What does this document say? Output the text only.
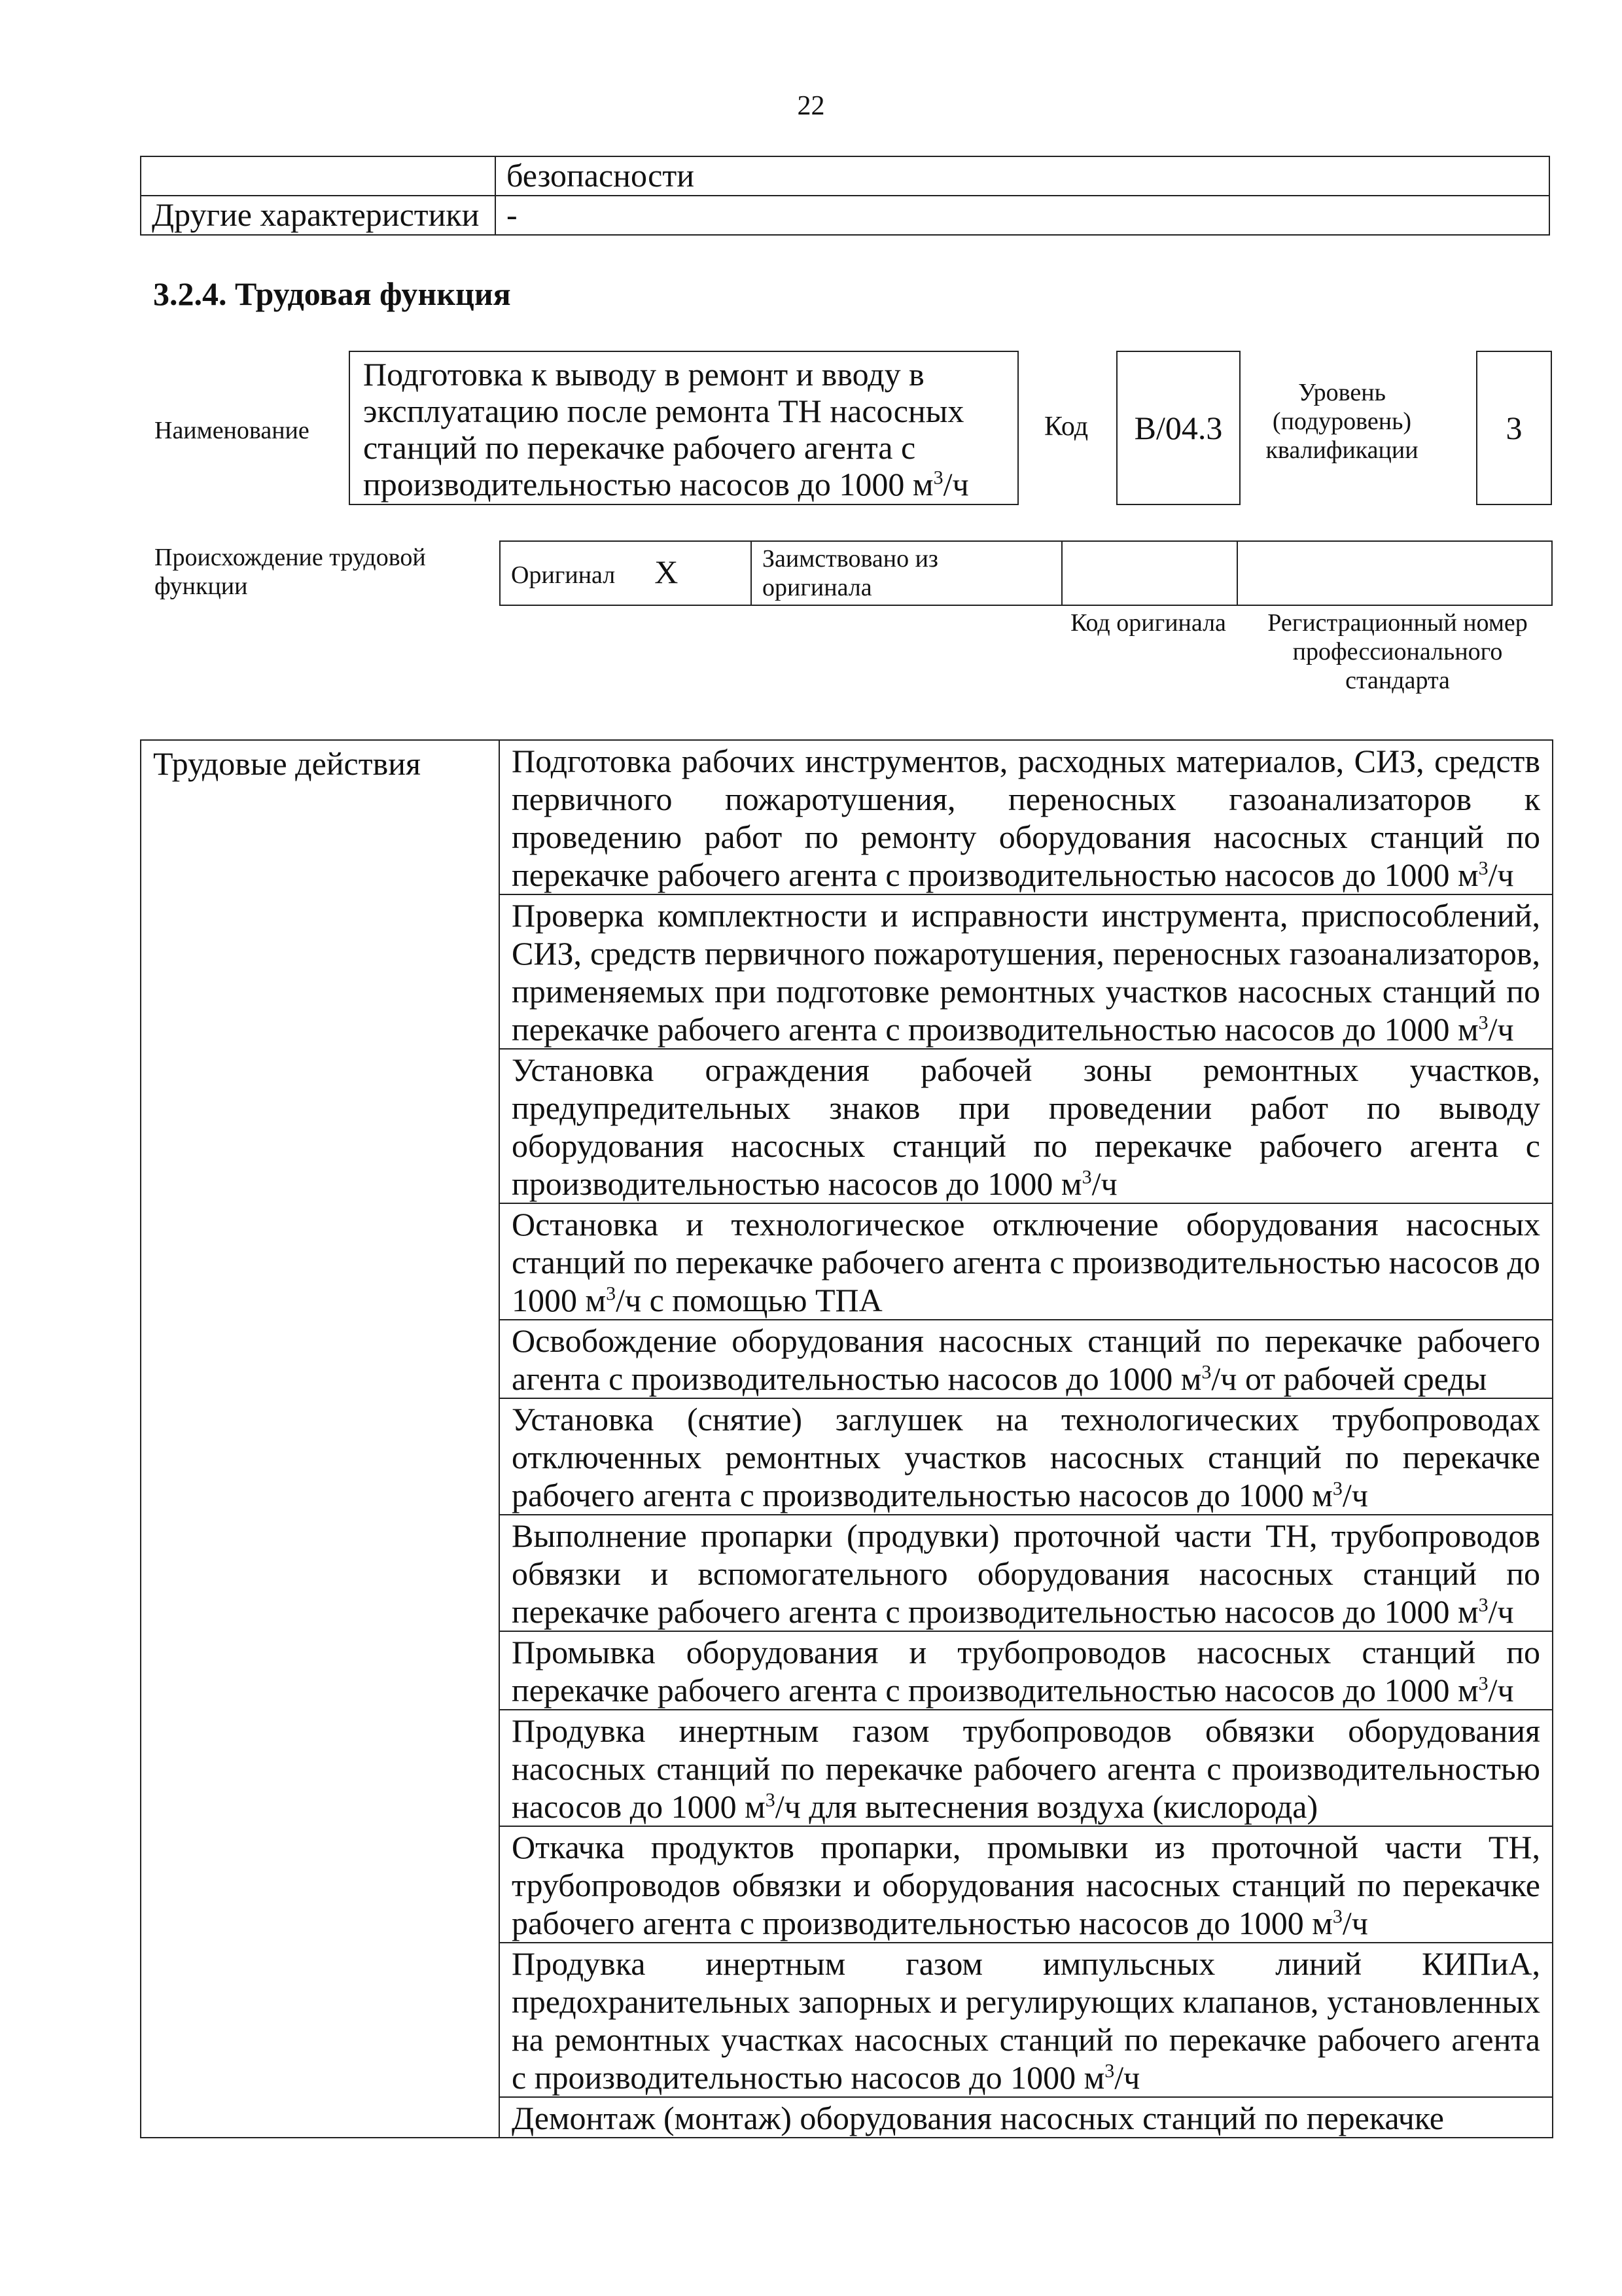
22
	безопасности
Другие характеристики	-
3.2.4. Трудовая функция
Наименование
Подготовка к выводу в ремонт и вводу в эксплуатацию после ремонта ТН насосных станций по перекачке рабочего агента с производительностью насосов до 1000 $м^3/ч$
Код B/04.3
Уровень
(подуровень)
квалификации
3
Происхождение трудовой функции	Оригинал X	Заимствовано из оригинала		
Код оригинала	Регистрационный номер профессионального стандарта
Трудовые действия	Подготовка рабочих инструментов, расходных материалов, СИЗ, средств первичного пожаротушения, переносных газоанализаторов к проведению работ по ремонту оборудования насосных станций по перекачке рабочего агента с производительностью насосов до 1000 $м^3/ч$
Проверка комплектности и исправности инструмента, приспособлений, СИЗ, средств первичного пожаротушения, переносных газоанализаторов, применяемых при подготовке ремонтных участков насосных станций по перекачке рабочего агента с производительностью насосов до 1000 $м^3/ч$
Установка ограждения рабочей зоны ремонтных участков, предупредительных знаков при проведении работ по выводу оборудования насосных станций по перекачке рабочего агента с производительностью насосов до 1000 $м^3/ч$
Остановка и технологическое отключение оборудования насосных станций по перекачке рабочего агента с производительностью насосов до 1000 $м^3/ч$ с помощью ТПА
Освобождение оборудования насосных станций по перекачке рабочего агента с производительностью насосов до 1000 $м^3/ч$ от рабочей среды
Установка (снятие) заглушек на технологических трубопроводах отключенных ремонтных участков насосных станций по перекачке рабочего агента с производительностью насосов до 1000 $м^3/ч$
Выполнение пропарки (продувки) проточной части ТН, трубопроводов обвязки и вспомогательного оборудования насосных станций по перекачке рабочего агента с производительностью насосов до 1000 $м^3/ч$
Промывка оборудования и трубопроводов насосных станций по перекачке рабочего агента с производительностью насосов до 1000 $м^3/ч$
Продувка инертным газом трубопроводов обвязки оборудования насосных станций по перекачке рабочего агента с производительностью насосов до 1000 $м^3/ч$ для вытеснения воздуха (кислорода)
Откачка продуктов пропарки, промывки из проточной части ТН, трубопроводов обвязки и оборудования насосных станций по перекачке рабочего агента с производительностью насосов до 1000 $м^3/ч$
Продувка инертным газом импульсных линий КИПиА, предохранительных запорных и регулирующих клапанов, установленных на ремонтных участках насосных станций по перекачке рабочего агента с производительностью насосов до 1000 $м^3/ч$
Демонтаж (монтаж) оборудования насосных станций по перекачке
